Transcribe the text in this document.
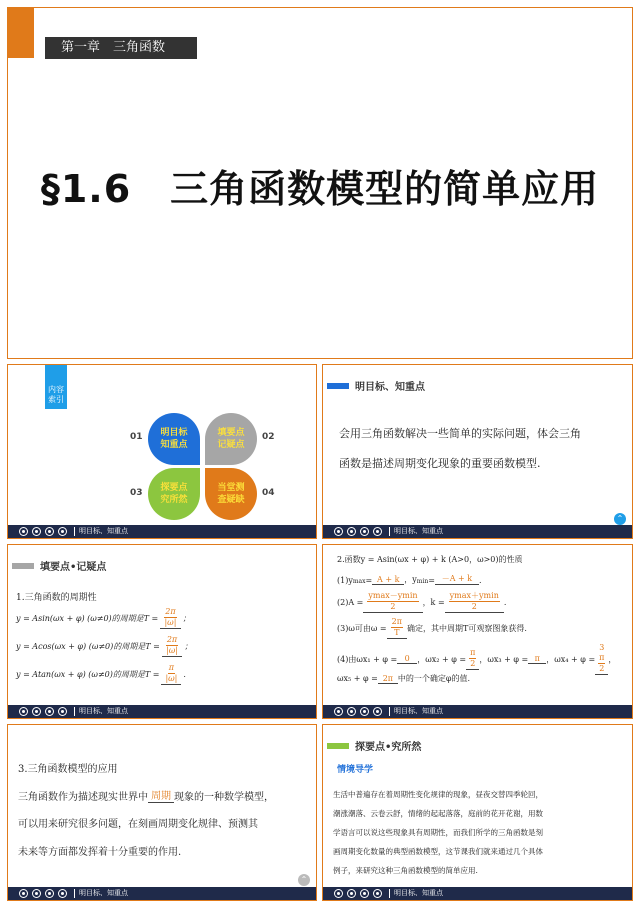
第一章　三角函数
§1.6　三角函数模型的简单应用
内容
索引
明目标
知重点
填要点
记疑点
探要点
究所然
当堂测
查疑缺
01	02
03	04
明目标、知重点
明目标、知重点
会用三角函数解决一些简单的实际问题，体会三角
函数是描述周期变化现象的重要函数模型.
⌃
明目标、知重点
填要点•记疑点
1.三角函数的周期性
y = Asin(ωx + φ) (ω≠0)的周期是$T = \frac{2\pi}{|\omega|}$ ；
y = Acos(ωx + φ) (ω≠0)的周期是$T = \frac{2\pi}{|\omega|}$ ；
y = Atan(ωx + φ) (ω≠0)的周期是$T = \frac{\pi}{|\omega|}$ .
明目标、知重点
2.函数y = Asin(ωx + φ) + k (A>0，ω>0)的性质
(1)y max = A + k ，$y_{min} = -A + k$ .
$(2)A = \frac{ymax-ymin}{2}$ ，$k = \frac{ymax+ymin}{2}$ .
(3)ω可由$\omega = \frac{2\pi}{T}$ 确定，其中周期T可观察图象获得.
(4)由ωx₁ + φ = 0 ，$\omega x_2 + \varphi = \frac{\pi}{2}$ ，ωx₃ + φ = π ，ωx₄ + φ =
3
π
2
，
ωx₅ + φ = 2π 中的一个确定φ的值.
明目标、知重点
3.三角函数模型的应用
三角函数作为描述现实世界中 周期 现象的一种数学模型，
可以用来研究很多问题，在刻画周期变化规律、预测其
未来等方面都发挥着十分重要的作用.
⌃
明目标、知重点
探要点•究所然
情境导学
生活中普遍存在着周期性变化规律的现象，昼夜交替四季轮回，
潮涨潮落、云卷云舒，情绪的起起落落，庭前的花开花谢，用数
学语言可以说这些现象具有周期性，而我们所学的三角函数是刻
画周期变化数量的典型函数模型，这节课我们就来通过几个具体
例子，来研究这种三角函数模型的简单应用.
明目标、知重点
